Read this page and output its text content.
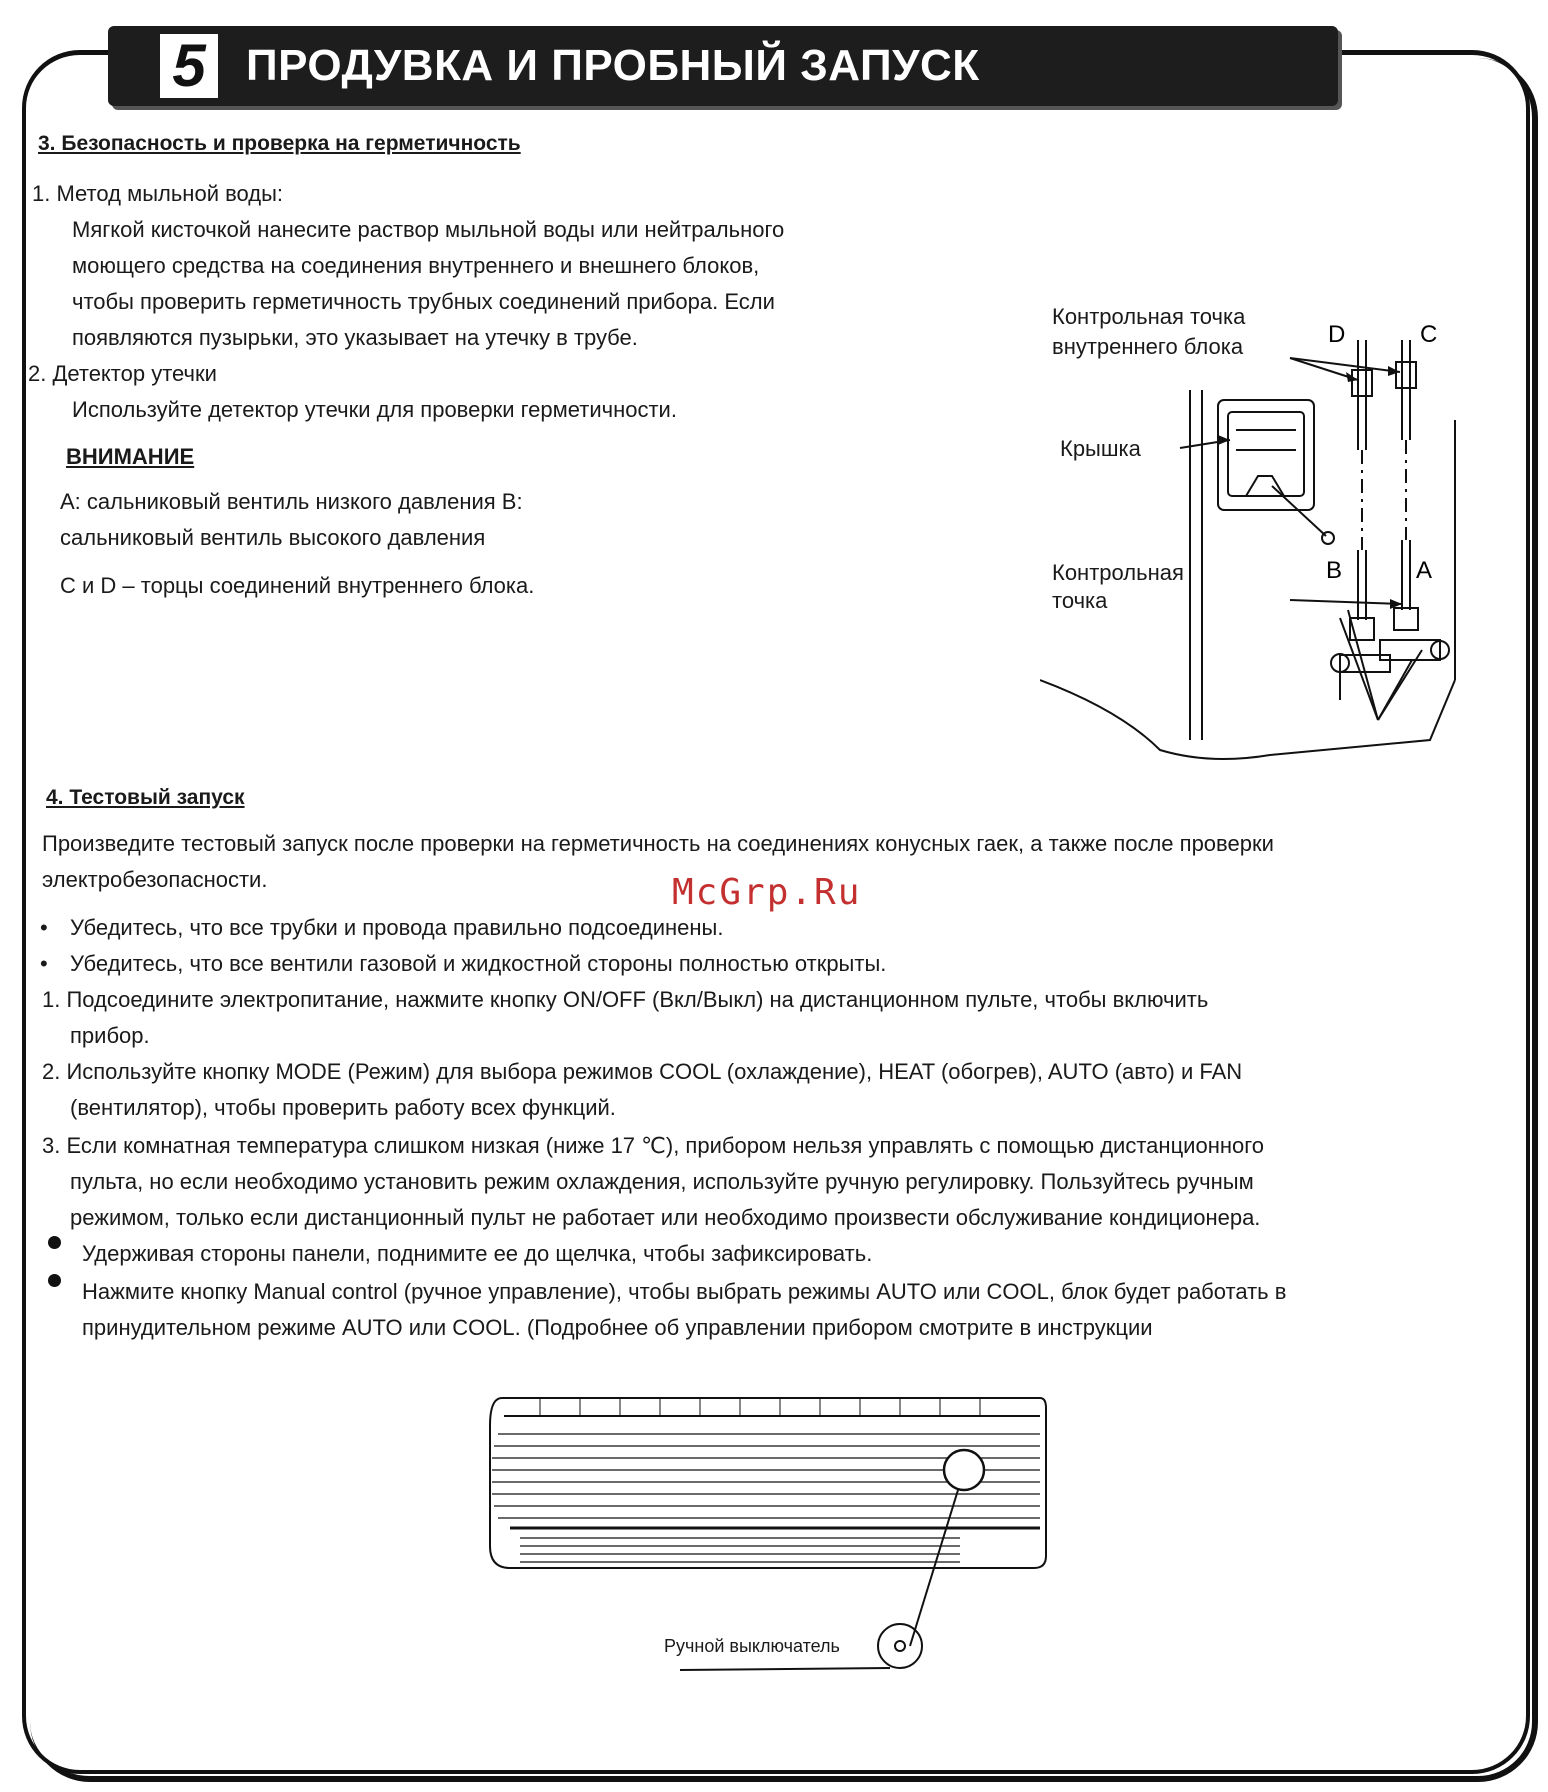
5 ПРОДУВКА И ПРОБНЫЙ ЗАПУСК
3. Безопасность и проверка на герметичность
1. Метод мыльной воды:
Мягкой кисточкой нанесите раствор мыльной воды или нейтрального
моющего средства на соединения внутреннего и внешнего блоков,
чтобы проверить герметичность трубных соединений прибора. Если
появляются пузырьки, это указывает на утечку в трубе.
2. Детектор утечки
Используйте детектор утечки для проверки герметичности.
ВНИМАНИЕ
A: сальниковый вентиль низкого давления B:
сальниковый вентиль высокого давления
C и D – торцы соединений внутреннего блока.
D	C
B	A
Контрольная точка
внутреннего блока
Крышка
Контрольная
точка
4. Тестовый запуск
Произведите тестовый запуск после проверки на герметичность на соединениях конусных гаек, а также после проверки
электробезопасности.	McGrp.Ru
• Убедитесь, что все трубки и провода правильно подсоединены.
• Убедитесь, что все вентили газовой и жидкостной стороны полностью открыты.
1. Подсоедините электропитание, нажмите кнопку ON/OFF (Вкл/Выкл) на дистанционном пульте, чтобы включить
прибор.
2. Используйте кнопку MODE (Режим) для выбора режимов COOL (охлаждение), HEAT (обогрев), AUTO (авто) и FAN
(вентилятор), чтобы проверить работу всех функций.
3. Если комнатная температура слишком низкая (ниже 17 ℃), прибором нельзя управлять с помощью дистанционного
пульта, но если необходимо установить режим охлаждения, используйте ручную регулировку. Пользуйтесь ручным
режимом, только если дистанционный пульт не работает или необходимо произвести обслуживание кондиционера.
Удерживая стороны панели, поднимите ее до щелчка, чтобы зафиксировать.
Нажмите кнопку Manual control (ручное управление), чтобы выбрать режимы AUTO или COOL, блок будет работать в
принудительном режиме AUTO или COOL. (Подробнее об управлении прибором смотрите в инструкции
Ручной выключатель
